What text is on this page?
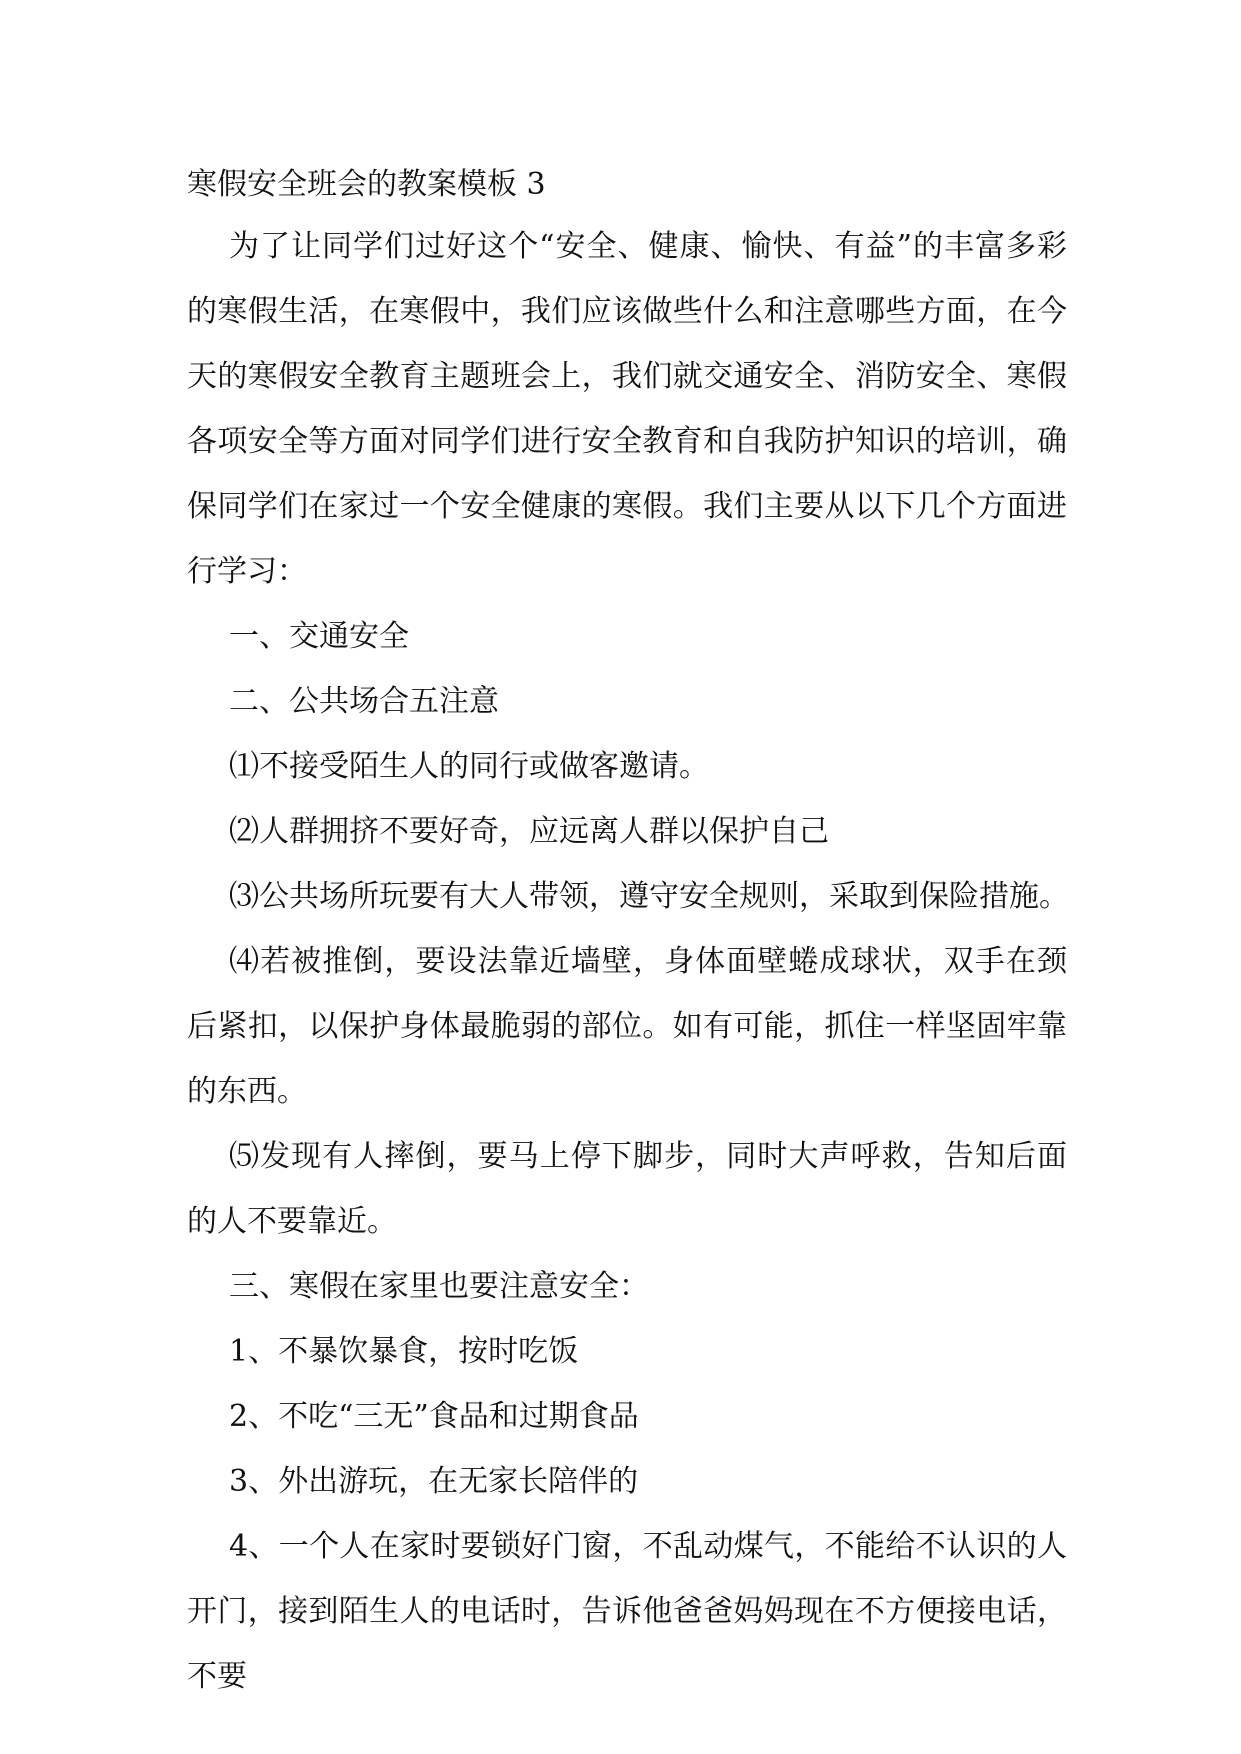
寒假安全班会的教案模板 3

为了让同学们过好这个“安全、健康、愉快、有益”的丰富多彩的寒假生活，在寒假中，我们应该做些什么和注意哪些方面，在今天的寒假安全教育主题班会上，我们就交通安全、消防安全、寒假各项安全等方面对同学们进行安全教育和自我防护知识的培训，确保同学们在家过一个安全健康的寒假。我们主要从以下几个方面进行学习：

一、交通安全

二、公共场合五注意

⑴不接受陌生人的同行或做客邀请。

⑵人群拥挤不要好奇，应远离人群以保护自己

⑶公共场所玩要有大人带领，遵守安全规则，采取到保险措施。

⑷若被推倒，要设法靠近墙壁，身体面壁蜷成球状，双手在颈后紧扣，以保护身体最脆弱的部位。如有可能，抓住一样坚固牢靠的东西。

⑸发现有人摔倒，要马上停下脚步，同时大声呼救，告知后面的人不要靠近。

三、寒假在家里也要注意安全：

1、不暴饮暴食，按时吃饭

2、不吃“三无”食品和过期食品

3、外出游玩，在无家长陪伴的

4、一个人在家时要锁好门窗，不乱动煤气，不能给不认识的人开门，接到陌生人的电话时，告诉他爸爸妈妈现在不方便接电话，不要
